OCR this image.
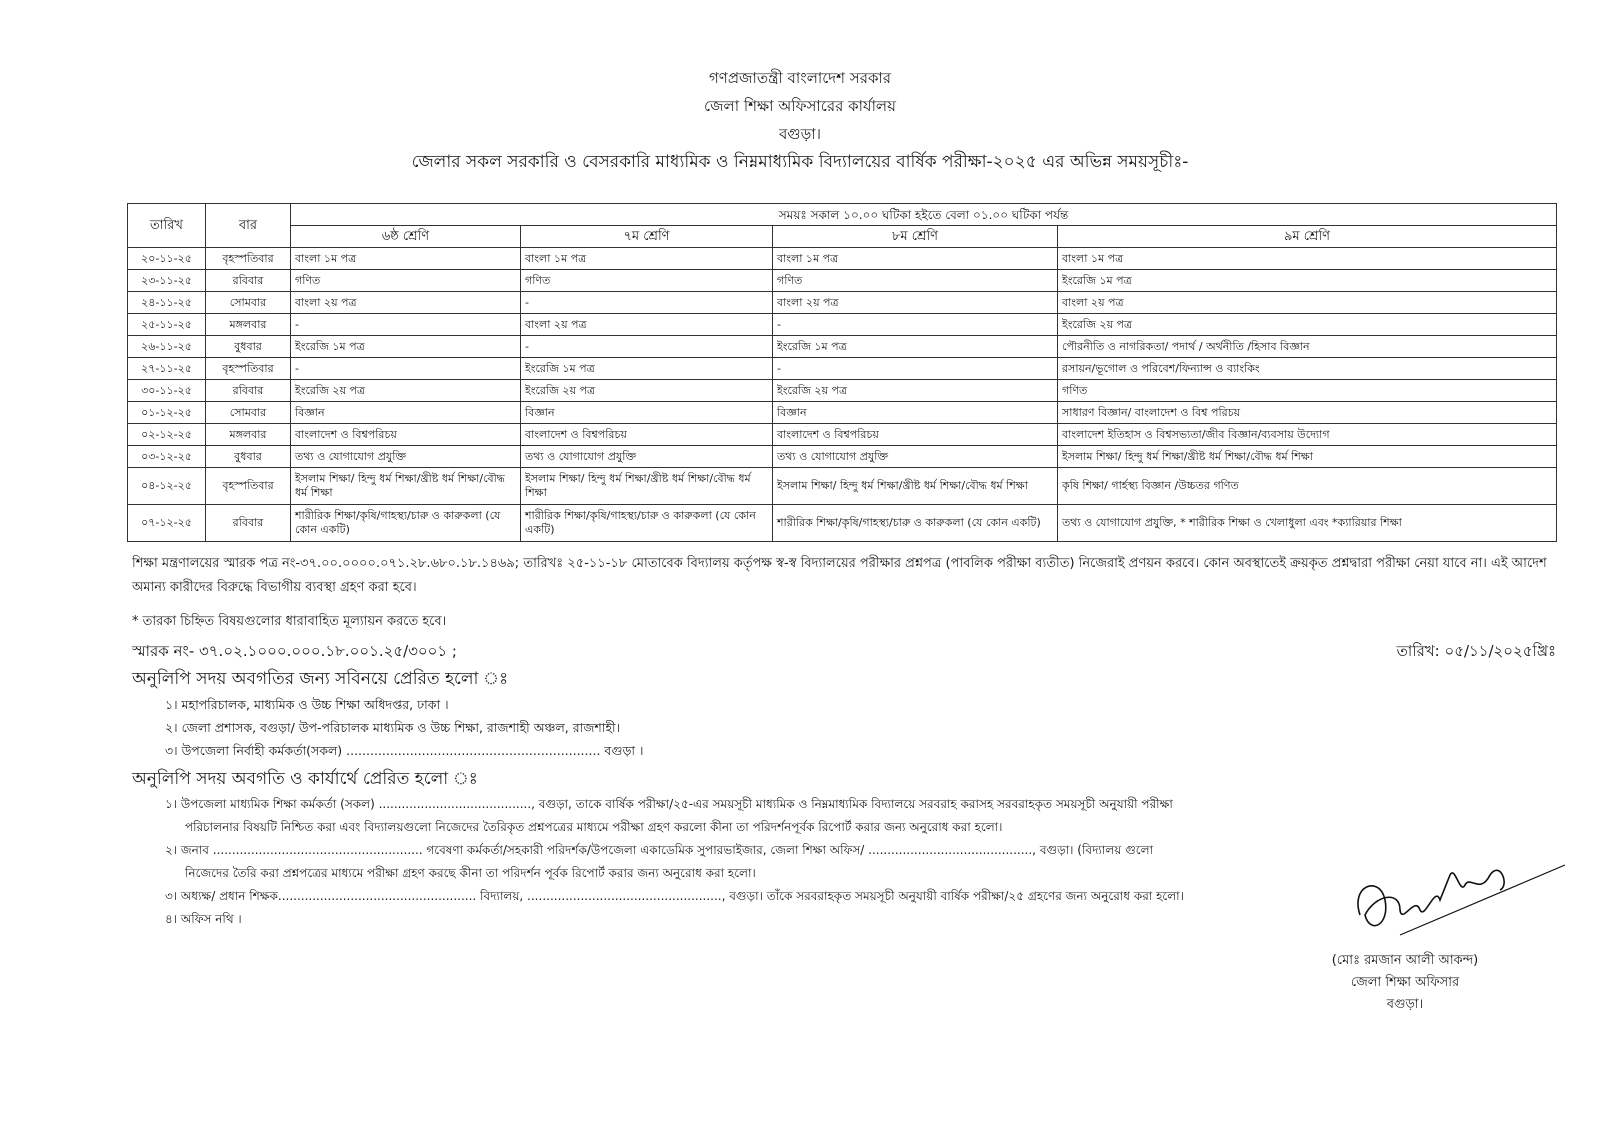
গণপ্রজাতন্ত্রী বাংলাদেশ সরকার
জেলা শিক্ষা অফিসারের কার্যালয়
বগুড়া।
জেলার সকল সরকারি ও বেসরকারি মাধ্যমিক ও নিম্নমাধ্যমিক বিদ্যালয়ের বার্ষিক পরীক্ষা-২০২৫ এর অভিন্ন সময়সূচীঃ-
তারিখ	বার	সময়ঃ সকাল ১০.০০ ঘটিকা হইতে বেলা ০১.০০ ঘটিকা পর্যন্ত			
		৬ষ্ঠ শ্রেণি	৭ম শ্রেণি	৮ম শ্রেণি	৯ম শ্রেণি
২০-১১-২৫	বৃহস্পতিবার	বাংলা ১ম পত্র	বাংলা ১ম পত্র	বাংলা ১ম পত্র	বাংলা ১ম পত্র
২৩-১১-২৫	রবিবার	গণিত	গণিত	গণিত	ইংরেজি ১ম পত্র
২৪-১১-২৫	সোমবার	বাংলা ২য় পত্র	-	বাংলা ২য় পত্র	বাংলা ২য় পত্র
২৫-১১-২৫	মঙ্গলবার	-	বাংলা ২য় পত্র	-	ইংরেজি ২য় পত্র
২৬-১১-২৫	বুধবার	ইংরেজি ১ম পত্র	-	ইংরেজি ১ম পত্র	পৌরনীতি ও নাগরিকতা/ পদার্থ / অর্থনীতি /হিসাব বিজ্ঞান
২৭-১১-২৫	বৃহস্পতিবার	-	ইংরেজি ১ম পত্র	-	রসায়ন/ভূগোল ও পরিবেশ/ফিন্যান্স ও ব্যাংকিং
৩০-১১-২৫	রবিবার	ইংরেজি ২য় পত্র	ইংরেজি ২য় পত্র	ইংরেজি ২য় পত্র	গণিত
০১-১২-২৫	সোমবার	বিজ্ঞান	বিজ্ঞান	বিজ্ঞান	সাধারণ বিজ্ঞান/ বাংলাদেশ ও বিশ্ব পরিচয়
০২-১২-২৫	মঙ্গলবার	বাংলাদেশ ও বিশ্বপরিচয়	বাংলাদেশ ও বিশ্বপরিচয়	বাংলাদেশ ও বিশ্বপরিচয়	বাংলাদেশ ইতিহাস ও বিশ্বসভ্যতা/জীব বিজ্ঞান/ব্যবসায় উদ্যোগ
০৩-১২-২৫	বুধবার	তথ্য ও যোগাযোগ প্রযুক্তি	তথ্য ও যোগাযোগ প্রযুক্তি	তথ্য ও যোগাযোগ প্রযুক্তি	ইসলাম শিক্ষা/ হিন্দু ধর্ম শিক্ষা/খ্রীষ্ট ধর্ম শিক্ষা/বৌদ্ধ ধর্ম শিক্ষা
০৪-১২-২৫	বৃহস্পতিবার	ইসলাম শিক্ষা/ হিন্দু ধর্ম শিক্ষা/খ্রীষ্ট ধর্ম শিক্ষা/বৌদ্ধ ধর্ম শিক্ষা	ইসলাম শিক্ষা/ হিন্দু ধর্ম শিক্ষা/খ্রীষ্ট ধর্ম শিক্ষা/বৌদ্ধ ধর্ম শিক্ষা	ইসলাম শিক্ষা/ হিন্দু ধর্ম শিক্ষা/খ্রীষ্ট ধর্ম শিক্ষা/বৌদ্ধ ধর্ম শিক্ষা	কৃষি শিক্ষা/ গার্হস্থ্য বিজ্ঞান /উচ্চতর গণিত
০৭-১২-২৫	রবিবার	শারীরিক শিক্ষা/কৃষি/গাহস্থ্য/চারু ও কারুকলা (যে কোন একটি)	শারীরিক শিক্ষা/কৃষি/গাহস্থ্য/চারু ও কারুকলা (যে কোন একটি)	শারীরিক শিক্ষা/কৃষি/গাহস্থ্য/চারু ও কারুকলা (যে কোন একটি)	তথ্য ও যোগাযোগ প্রযুক্তি, * শারীরিক শিক্ষা ও খেলাধুলা এবং *ক্যারিয়ার শিক্ষা
শিক্ষা মন্ত্রণালয়ের স্মারক পত্র নং-৩৭.০০.০০০০.০৭১.২৮.৬৮০.১৮.১৪৬৯; তারিখঃ ২৫-১১-১৮ মোতাবেক বিদ্যালয় কর্তৃপক্ষ স্ব-স্ব বিদ্যালয়ের পরীক্ষার প্রশ্নপত্র (পাবলিক পরীক্ষা ব্যতীত) নিজেরাই প্রণয়ন করবে। কোন অবস্থাতেই ক্রয়কৃত প্রশ্নদ্বারা পরীক্ষা নেয়া যাবে না। এই আদেশ অমান্য কারীদের বিরুদ্ধে বিভাগীয় ব্যবস্থা গ্রহণ করা হবে।
* তারকা চিহ্নিত বিষয়গুলোর ধারাবাহিত মূল্যায়ন করতে হবে।
স্মারক নং- ৩৭.০২.১০০০.০০০.১৮.০০১.২৫/৩০০১ ;	তারিখ: ০৫/১১/২০২৫খ্রিঃ
অনুলিপি সদয় অবগতির জন্য সবিনয়ে প্রেরিত হলো ঃ
১। মহাপরিচালক, মাধ্যমিক ও উচ্চ শিক্ষা অধিদপ্তর, ঢাকা ।
২। জেলা প্রশাসক, বগুড়া/ উপ-পরিচালক মাধ্যমিক ও উচ্চ শিক্ষা, রাজশাহী অঞ্চল, রাজশাহী।
৩। উপজেলা নির্বাহী কর্মকর্তা(সকল) ................................................................ বগুড়া ।
অনুলিপি সদয় অবগতি ও কার্যার্থে প্রেরিত হলো ঃ
১। উপজেলা মাধ্যমিক শিক্ষা কর্মকর্তা (সকল) ........................................, বগুড়া, তাকে বার্ষিক পরীক্ষা/২৫-এর সময়সূচী মাধ্যমিক ও নিম্নমাধ্যমিক বিদ্যালয়ে সরবরাহ করাসহ সরবরাহকৃত সময়সূচী অনুযায়ী পরীক্ষা
পরিচালনার বিষয়টি নিশ্চিত করা এবং বিদ্যালয়গুলো নিজেদের তৈরিকৃত প্রশ্নপত্রের মাধ্যমে পরীক্ষা গ্রহণ করলো কীনা তা পরিদর্শনপূর্বক রিপোর্ট করার জন্য অনুরোধ করা হলো।
২। জনাব ....................................................... গবেষণা কর্মকর্তা/সহকারী পরিদর্শক/উপজেলা একাডেমিক সুপারভাইজার, জেলা শিক্ষা অফিস/ ..........................................., বগুড়া। (বিদ্যালয় গুলো
নিজেদের তৈরি করা প্রশ্নপত্রের মাধ্যমে পরীক্ষা গ্রহণ করছে কীনা তা পরিদর্শন পূর্বক রিপোর্ট করার জন্য অনুরোধ করা হলো।
৩। অধ্যক্ষ/ প্রধান শিক্ষক.................................................... বিদ্যালয়, ..................................................., বগুড়া। তাঁকে সরবরাহকৃত সময়সূচী অনুযায়ী বার্ষিক পরীক্ষা/২৫ গ্রহণের জন্য অনুরোধ করা হলো।
৪। অফিস নথি ।
(মোঃ রমজান আলী আকন্দ)
জেলা শিক্ষা অফিসার
বগুড়া।
